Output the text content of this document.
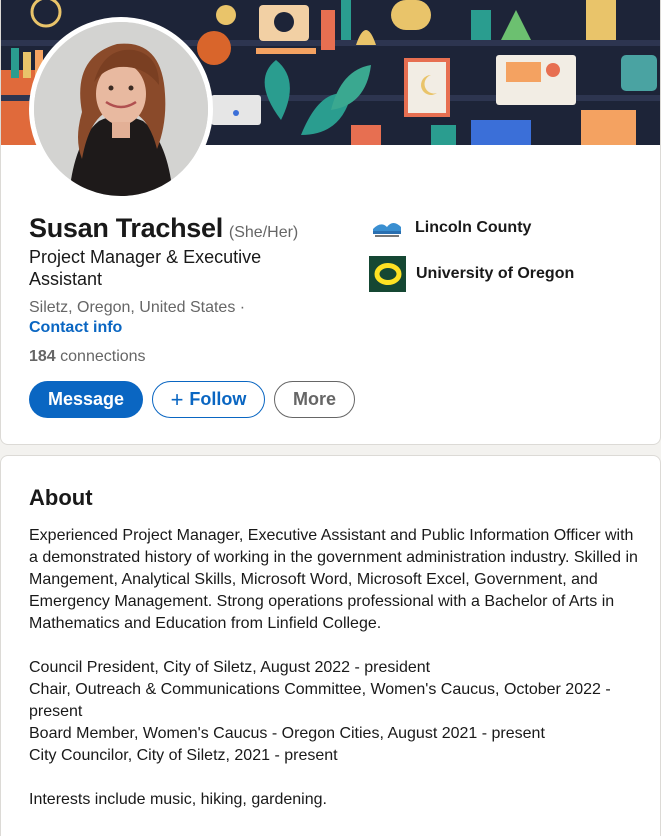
Susan Trachsel (She/Her)
Project Manager & Executive Assistant
Siletz, Oregon, United States ·
Contact info
184 connections
Message	+ Follow	More
Lincoln County
University of Oregon
About
Experienced Project Manager, Executive Assistant and Public Information Officer with a demonstrated history of working in the government administration industry. Skilled in Mangement, Analytical Skills, Microsoft Word, Microsoft Excel, Government, and Emergency Management. Strong operations professional with a Bachelor of Arts in Mathematics and Education from Linfield College.
Council President, City of Siletz, August 2022 - president
Chair, Outreach & Communications Committee, Women's Caucus, October 2022 - present
Board Member, Women's Caucus - Oregon Cities, August 2021 - present
City Councilor, City of Siletz, 2021 - present
Interests include music, hiking, gardening.
